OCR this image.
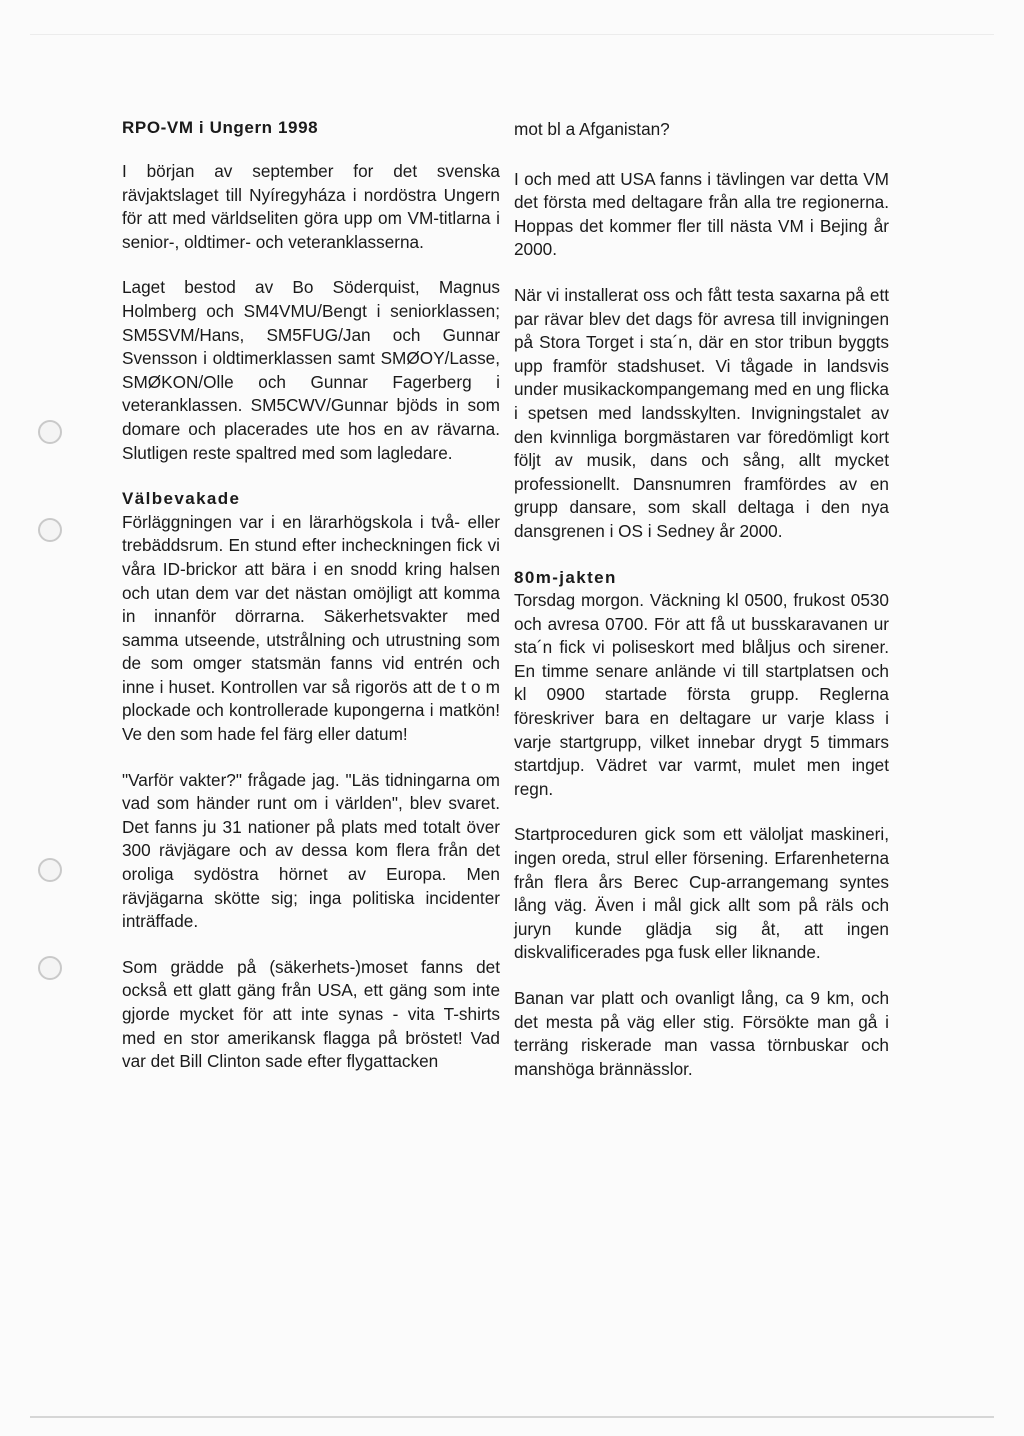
RPO-VM i Ungern 1998

I början av september for det svenska rävjaktslaget till Nyíregyháza i nordöstra Ungern för att med världseliten göra upp om VM-titlarna i senior-, oldtimer- och veteranklasserna.

Laget bestod av Bo Söderquist, Magnus Holmberg och SM4VMU/Bengt i seniorklassen; SM5SVM/Hans, SM5FUG/Jan och Gunnar Svensson i oldtimerklassen samt SMØOY/Lasse, SMØKON/Olle och Gunnar Fagerberg i veteranklassen. SM5CWV/Gunnar bjöds in som domare och placerades ute hos en av rävarna. Slutligen reste spaltred med som lagledare.

Välbevakade

Förläggningen var i en lärarhögskola i två- eller trebäddsrum. En stund efter incheckningen fick vi våra ID-brickor att bära i en snodd kring halsen och utan dem var det nästan omöjligt att komma in innanför dörrarna. Säkerhetsvakter med samma utseende, utstrålning och utrustning som de som omger statsmän fanns vid entrén och inne i huset. Kontrollen var så rigorös att de t o m plockade och kontrollerade kupongerna i matkön! Ve den som hade fel färg eller datum!

"Varför vakter?" frågade jag. "Läs tidningarna om vad som händer runt om i världen", blev svaret. Det fanns ju 31 nationer på plats med totalt över 300 rävjägare och av dessa kom flera från det oroliga sydöstra hörnet av Europa. Men rävjägarna skötte sig; inga politiska incidenter inträffade.

Som grädde på (säkerhets-)moset fanns det också ett glatt gäng från USA, ett gäng som inte gjorde mycket för att inte synas - vita T-shirts med en stor amerikansk flagga på bröstet! Vad var det Bill Clinton sade efter flygattacken

mot bl a Afganistan?

I och med att USA fanns i tävlingen var detta VM det första med deltagare från alla tre regionerna. Hoppas det kommer fler till nästa VM i Bejing år 2000.

När vi installerat oss och fått testa saxarna på ett par rävar blev det dags för avresa till invigningen på Stora Torget i sta´n, där en stor tribun byggts upp framför stadshuset. Vi tågade in landsvis under musikackompangemang med en ung flicka i spetsen med landsskylten. Invigningstalet av den kvinnliga borgmästaren var föredömligt kort följt av musik, dans och sång, allt mycket professionellt. Dansnumren framfördes av en grupp dansare, som skall deltaga i den nya dansgrenen i OS i Sedney år 2000.

80m-jakten

Torsdag morgon. Väckning kl 0500, frukost 0530 och avresa 0700. För att få ut busskaravanen ur sta´n fick vi poliseskort med blåljus och sirener. En timme senare anlände vi till startplatsen och kl 0900 startade första grupp. Reglerna föreskriver bara en deltagare ur varje klass i varje startgrupp, vilket innebar drygt 5 timmars startdjup. Vädret var varmt, mulet men inget regn.

Startproceduren gick som ett väloljat maskineri, ingen oreda, strul eller försening. Erfarenheterna från flera års Berec Cup-arrangemang syntes lång väg. Även i mål gick allt som på räls och juryn kunde glädja sig åt, att ingen diskvalificerades pga fusk eller liknande.

Banan var platt och ovanligt lång, ca 9 km, och det mesta på väg eller stig. Försökte man gå i terräng riskerade man vassa törnbuskar och manshöga brännässlor.
